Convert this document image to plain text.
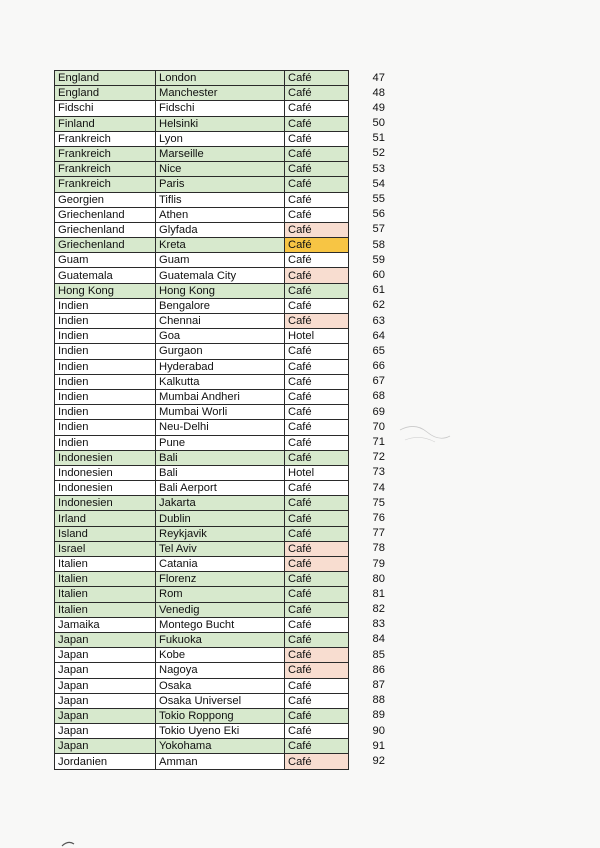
England	London	Café	47

England	Manchester	Café	48

Fidschi	Fidschi	Café	49

Finland	Helsinki	Café	50

Frankreich	Lyon	Café	51

Frankreich	Marseille	Café	52

Frankreich	Nice	Café	53

Frankreich	Paris	Café	54

Georgien	Tiflis	Café	55

Griechenland	Athen	Café	56

Griechenland	Glyfada	Café	57

Griechenland	Kreta	Café	58

Guam	Guam	Café	59

Guatemala	Guatemala City	Café	60

Hong Kong	Hong Kong	Café	61

Indien	Bengalore	Café	62

Indien	Chennai	Café	63

Indien	Goa	Hotel	64

Indien	Gurgaon	Café	65

Indien	Hyderabad	Café	66

Indien	Kalkutta	Café	67

Indien	Mumbai Andheri	Café	68

Indien	Mumbai Worli	Café	69

Indien	Neu-Delhi	Café	70

Indien	Pune	Café	71

Indonesien	Bali	Café	72

Indonesien	Bali	Hotel	73

Indonesien	Bali Aerport	Café	74

Indonesien	Jakarta	Café	75

Irland	Dublin	Café	76

Island	Reykjavik	Café	77

Israel	Tel Aviv	Café	78

Italien	Catania	Café	79

Italien	Florenz	Café	80

Italien	Rom	Café	81

Italien	Venedig	Café	82

Jamaika	Montego Bucht	Café	83

Japan	Fukuoka	Café	84

Japan	Kobe	Café	85

Japan	Nagoya	Café	86

Japan	Osaka	Café	87

Japan	Osaka Universel	Café	88

Japan	Tokio Roppong	Café	89

Japan	Tokio Uyeno Eki	Café	90

Japan	Yokohama	Café	91

Jordanien	Amman	Café	92
